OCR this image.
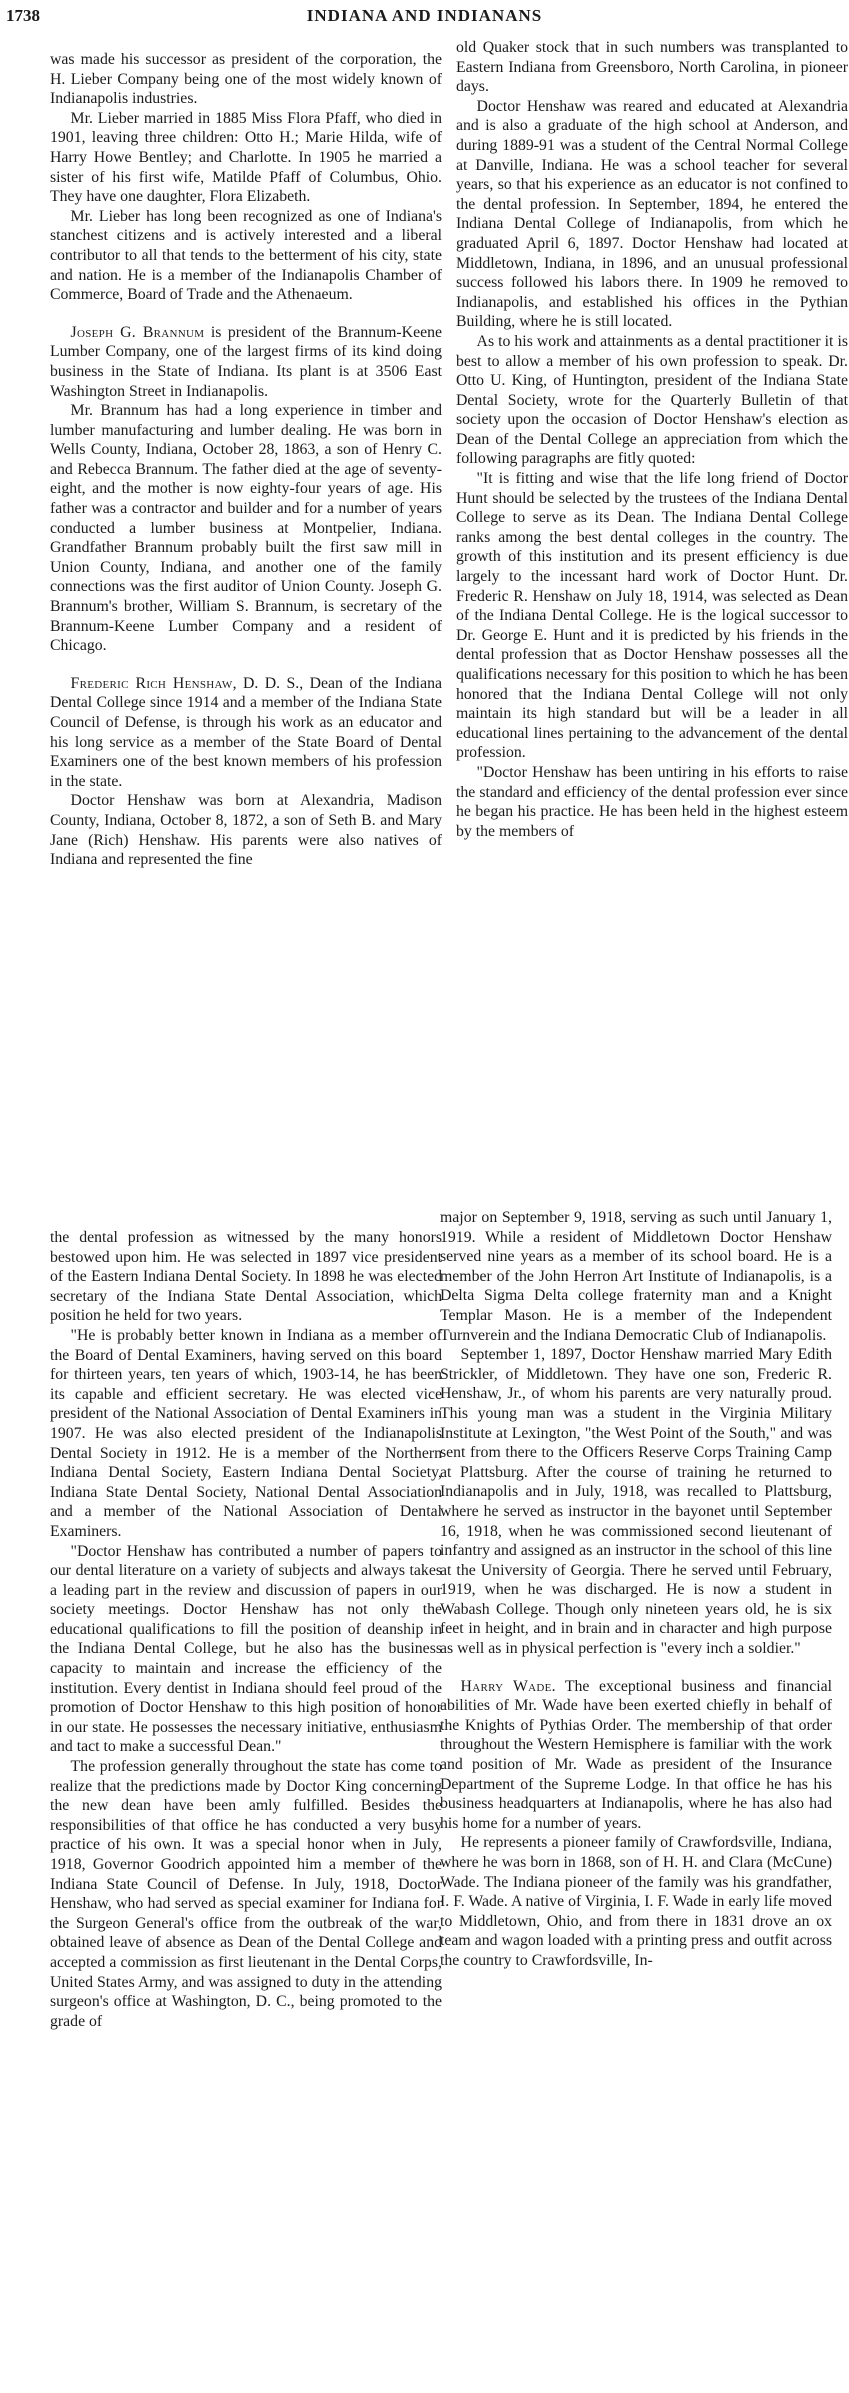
1738	INDIANA AND INDIANANS

was made his successor as president of the corporation, the H. Lieber Company being one of the most widely known of Indianapolis industries.

Mr. Lieber married in 1885 Miss Flora Pfaff, who died in 1901, leaving three children: Otto H.; Marie Hilda, wife of Harry Howe Bentley; and Charlotte. In 1905 he married a sister of his first wife, Matilde Pfaff of Columbus, Ohio. They have one daughter, Flora Elizabeth.

Mr. Lieber has long been recognized as one of Indiana's stanchest citizens and is actively interested and a liberal contributor to all that tends to the betterment of his city, state and nation. He is a member of the Indianapolis Chamber of Commerce, Board of Trade and the Athenaeum.

Joseph G. Brannum is president of the Brannum-Keene Lumber Company, one of the largest firms of its kind doing business in the State of Indiana. Its plant is at 3506 East Washington Street in Indianapolis.

Mr. Brannum has had a long experience in timber and lumber manufacturing and lumber dealing. He was born in Wells County, Indiana, October 28, 1863, a son of Henry C. and Rebecca Brannum. The father died at the age of seventy-eight, and the mother is now eighty-four years of age. His father was a contractor and builder and for a number of years conducted a lumber business at Montpelier, Indiana. Grandfather Brannum probably built the first saw mill in Union County, Indiana, and another one of the family connections was the first auditor of Union County. Joseph G. Brannum's brother, William S. Brannum, is secretary of the Brannum-Keene Lumber Company and a resident of Chicago.

Frederic Rich Henshaw, D. D. S., Dean of the Indiana Dental College since 1914 and a member of the Indiana State Council of Defense, is through his work as an educator and his long service as a member of the State Board of Dental Examiners one of the best known members of his profession in the state.

Doctor Henshaw was born at Alexandria, Madison County, Indiana, October 8, 1872, a son of Seth B. and Mary Jane (Rich) Henshaw. His parents were also natives of Indiana and represented the fine

old Quaker stock that in such numbers was transplanted to Eastern Indiana from Greensboro, North Carolina, in pioneer days.

Doctor Henshaw was reared and educated at Alexandria and is also a graduate of the high school at Anderson, and during 1889-91 was a student of the Central Normal College at Danville, Indiana. He was a school teacher for several years, so that his experience as an educator is not confined to the dental profession. In September, 1894, he entered the Indiana Dental College of Indianapolis, from which he graduated April 6, 1897. Doctor Henshaw had located at Middletown, Indiana, in 1896, and an unusual professional success followed his labors there. In 1909 he removed to Indianapolis, and established his offices in the Pythian Building, where he is still located.

As to his work and attainments as a dental practitioner it is best to allow a member of his own profession to speak. Dr. Otto U. King, of Huntington, president of the Indiana State Dental Society, wrote for the Quarterly Bulletin of that society upon the occasion of Doctor Henshaw's election as Dean of the Dental College an appreciation from which the following paragraphs are fitly quoted:

"It is fitting and wise that the life long friend of Doctor Hunt should be selected by the trustees of the Indiana Dental College to serve as its Dean. The Indiana Dental College ranks among the best dental colleges in the country. The growth of this institution and its present efficiency is due largely to the incessant hard work of Doctor Hunt. Dr. Frederic R. Henshaw on July 18, 1914, was selected as Dean of the Indiana Dental College. He is the logical successor to Dr. George E. Hunt and it is predicted by his friends in the dental profession that as Doctor Henshaw possesses all the qualifications necessary for this position to which he has been honored that the Indiana Dental College will not only maintain its high standard but will be a leader in all educational lines pertaining to the advancement of the dental profession.

"Doctor Henshaw has been untiring in his efforts to raise the standard and efficiency of the dental profession ever since he began his practice. He has been held in the highest esteem by the members of

the dental profession as witnessed by the many honors bestowed upon him. He was selected in 1897 vice president of the Eastern Indiana Dental Society. In 1898 he was elected secretary of the Indiana State Dental Association, which position he held for two years.

"He is probably better known in Indiana as a member of the Board of Dental Examiners, having served on this board for thirteen years, ten years of which, 1903-14, he has been its capable and efficient secretary. He was elected vice president of the National Association of Dental Examiners in 1907. He was also elected president of the Indianapolis Dental Society in 1912. He is a member of the Northern Indiana Dental Society, Eastern Indiana Dental Society, Indiana State Dental Society, National Dental Association and a member of the National Association of Dental Examiners.

"Doctor Henshaw has contributed a number of papers to our dental literature on a variety of subjects and always takes a leading part in the review and discussion of papers in our society meetings. Doctor Henshaw has not only the educational qualifications to fill the position of deanship in the Indiana Dental College, but he also has the business capacity to maintain and increase the efficiency of the institution. Every dentist in Indiana should feel proud of the promotion of Doctor Henshaw to this high position of honor in our state. He possesses the necessary initiative, enthusiasm and tact to make a successful Dean."

The profession generally throughout the state has come to realize that the predictions made by Doctor King concerning the new dean have been amly fulfilled. Besides the responsibilities of that office he has conducted a very busy practice of his own. It was a special honor when in July, 1918, Governor Goodrich appointed him a member of the Indiana State Council of Defense. In July, 1918, Doctor Henshaw, who had served as special examiner for Indiana for the Surgeon General's office from the outbreak of the war, obtained leave of absence as Dean of the Dental College and accepted a commission as first lieutenant in the Dental Corps, United States Army, and was assigned to duty in the attending surgeon's office at Washington, D. C., being promoted to the grade of

major on September 9, 1918, serving as such until January 1, 1919. While a resident of Middletown Doctor Henshaw served nine years as a member of its school board. He is a member of the John Herron Art Institute of Indianapolis, is a Delta Sigma Delta college fraternity man and a Knight Templar Mason. He is a member of the Independent Turnverein and the Indiana Democratic Club of Indianapolis.

September 1, 1897, Doctor Henshaw married Mary Edith Strickler, of Middletown. They have one son, Frederic R. Henshaw, Jr., of whom his parents are very naturally proud. This young man was a student in the Virginia Military Institute at Lexington, "the West Point of the South," and was sent from there to the Officers Reserve Corps Training Camp at Plattsburg. After the course of training he returned to Indianapolis and in July, 1918, was recalled to Plattsburg, where he served as instructor in the bayonet until September 16, 1918, when he was commissioned second lieutenant of infantry and assigned as an instructor in the school of this line at the University of Georgia. There he served until February, 1919, when he was discharged. He is now a student in Wabash College. Though only nineteen years old, he is six feet in height, and in brain and in character and high purpose as well as in physical perfection is "every inch a soldier."

Harry Wade. The exceptional business and financial abilities of Mr. Wade have been exerted chiefly in behalf of the Knights of Pythias Order. The membership of that order throughout the Western Hemisphere is familiar with the work and position of Mr. Wade as president of the Insurance Department of the Supreme Lodge. In that office he has his business headquarters at Indianapolis, where he has also had his home for a number of years.

He represents a pioneer family of Crawfordsville, Indiana, where he was born in 1868, son of H. H. and Clara (McCune) Wade. The Indiana pioneer of the family was his grandfather, I. F. Wade. A native of Virginia, I. F. Wade in early life moved to Middletown, Ohio, and from there in 1831 drove an ox team and wagon loaded with a printing press and outfit across the country to Crawfordsville, In-
